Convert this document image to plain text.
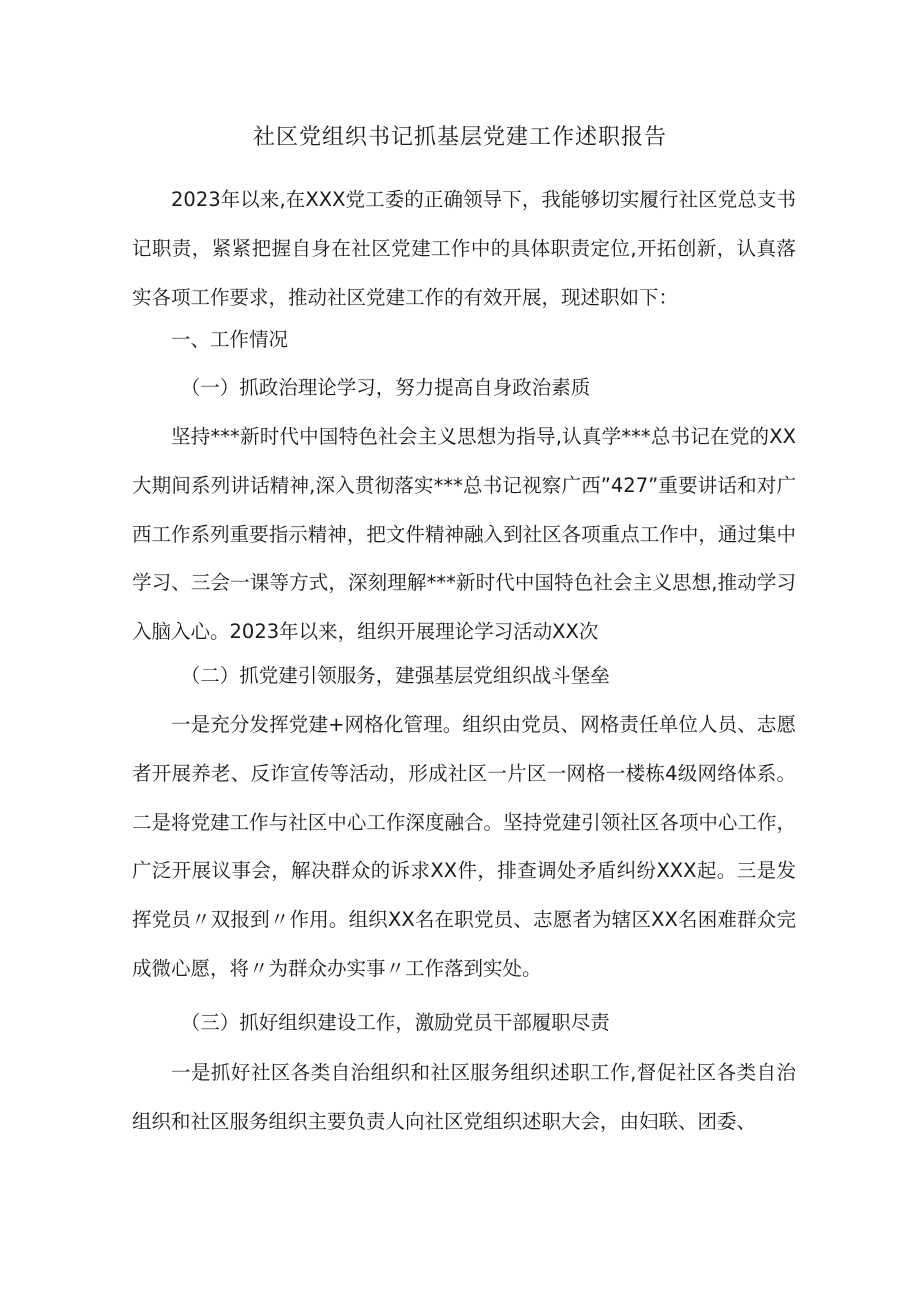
社区党组织书记抓基层党建工作述职报告
2023年以来,在XXX党工委的正确领导下，我能够切实履行社区党总支书记职责，紧紧把握自身在社区党建工作中的具体职责定位,开拓创新，认真落实各项工作要求，推动社区党建工作的有效开展，现述职如下：
一、工作情况
（一）抓政治理论学习，努力提高自身政治素质
坚持***新时代中国特色社会主义思想为指导,认真学***总书记在党的XX大期间系列讲话精神,深入贯彻落实***总书记视察广西”427”重要讲话和对广西工作系列重要指示精神，把文件精神融入到社区各项重点工作中，通过集中学习、三会一课等方式，深刻理解***新时代中国特色社会主义思想,推动学习入脑入心。2023年以来，组织开展理论学习活动XX次
（二）抓党建引领服务，建强基层党组织战斗堡垒
一是充分发挥党建+网格化管理。组织由党员、网格责任单位人员、志愿者开展养老、反诈宣传等活动，形成社区一片区一网格一楼栋4级网络体系。二是将党建工作与社区中心工作深度融合。坚持党建引领社区各项中心工作，广泛开展议事会，解决群众的诉求XX件，排查调处矛盾纠纷XXX起。三是发挥党员〃双报到〃作用。组织XX名在职党员、志愿者为辖区XX名困难群众完成微心愿，将〃为群众办实事〃工作落到实处。
（三）抓好组织建设工作，激励党员干部履职尽责
一是抓好社区各类自治组织和社区服务组织述职工作,督促社区各类自治组织和社区服务组织主要负责人向社区党组织述职大会，由妇联、团委、
